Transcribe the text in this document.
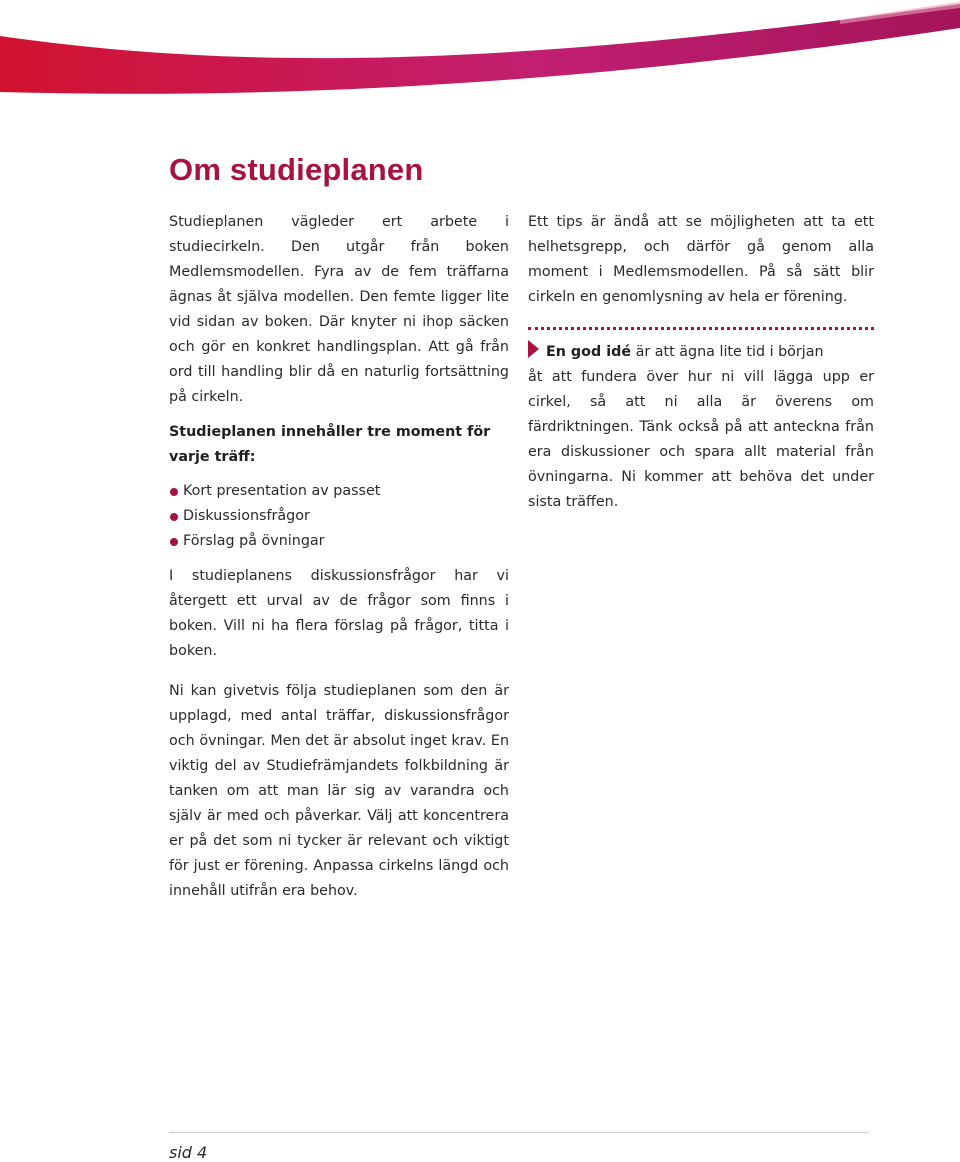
Om studieplanen

Studieplanen vägleder ert arbete i studiecirkeln. Den utgår från boken Medlemsmodellen. Fyra av de fem träffarna ägnas åt själva modellen. Den femte ligger lite vid sidan av boken. Där knyter ni ihop säcken och gör en konkret handlingsplan. Att gå från ord till handling blir då en naturlig fortsättning på cirkeln.

Studieplanen innehåller tre moment för varje träff:

Kort presentation av passet
Diskussionsfrågor
Förslag på övningar

I studieplanens diskussionsfrågor har vi återgett ett urval av de frågor som finns i boken. Vill ni ha flera förslag på frågor, titta i boken.

Ni kan givetvis följa studieplanen som den är upplagd, med antal träffar, diskussionsfrågor och övningar. Men det är absolut inget krav. En viktig del av Studiefrämjandets folkbildning är tanken om att man lär sig av varandra och själv är med och påverkar. Välj att koncentrera er på det som ni tycker är relevant och viktigt för just er förening. Anpassa cirkelns längd och innehåll utifrån era behov.

Ett tips är ändå att se möjligheten att ta ett helhetsgrepp, och därför gå genom alla moment i Medlemsmodellen. På så sätt blir cirkeln en genomlysning av hela er förening.

En god idé är att ägna lite tid i början

åt att fundera över hur ni vill lägga upp er cirkel, så att ni alla är överens om färdriktningen. Tänk också på att anteckna från era diskussioner och spara allt material från övningarna. Ni kommer att behöva det under sista träffen.

sid 4
